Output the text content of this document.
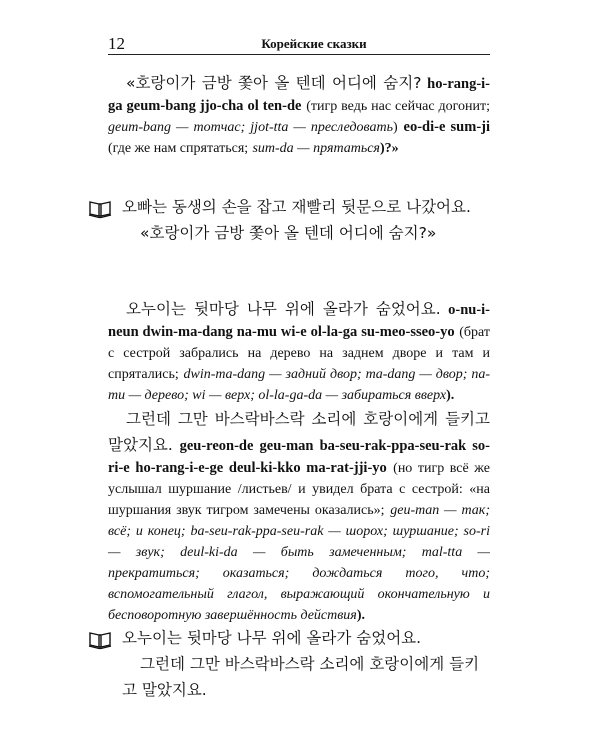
12	Корейские сказки
«호랑이가 금방 쫓아 올 텐데 어디에 숨지? ho-rang-i-ga geum-bang jjo-cha ol ten-de (тигр ведь нас сейчас догонит; geum-bang — тотчас; jjot-tta — преследовать) eo-di-e sum-ji (где же нам спрятаться; sum-da — прятаться)?»

오빠는 동생의 손을 잡고 재빨리 뒷문으로 나갔어요.

«호랑이가 금방 쫓아 올 텐데 어디에 숨지?»

오누이는 뒷마당 나무 위에 올라가 숨었어요. o-nu-i-neun dwin-ma-dang na-mu wi-e ol-la-ga su-meo-sseo-yo (брат с сестрой забрались на дерево на заднем дворе и там и спрятались; dwin-ma-dang — задний двор; ma-dang — двор; na-mu — дерево; wi — верх; ol-la-ga-da — забираться вверх).
그런데 그만 바스락바스락 소리에 호랑이에게 들키고 말았지요. geu-reon-de geu-man ba-seu-rak-ppa-seu-rak so-ri-e ho-rang-i-e-ge deul-ki-kko ma-rat-jji-yo (но тигр всё же услышал шуршание /листьев/ и увидел брата с сестрой: «на шуршания звук тигром замечены оказались»; geu-man — так; всё; и конец; ba-seu-rak-ppa-seu-rak — шорох; шуршание; so-ri — звук; deul-ki-da — быть замеченным; mal-tta — прекратиться; оказаться; дождаться того, что; вспомогательный глагол, выражающий окончательную и бесповоротную завершённость действия).

오누이는 뒷마당 나무 위에 올라가 숨었어요.

그런데 그만 바스락바스락 소리에 호랑이에게 들키고 말았지요.
